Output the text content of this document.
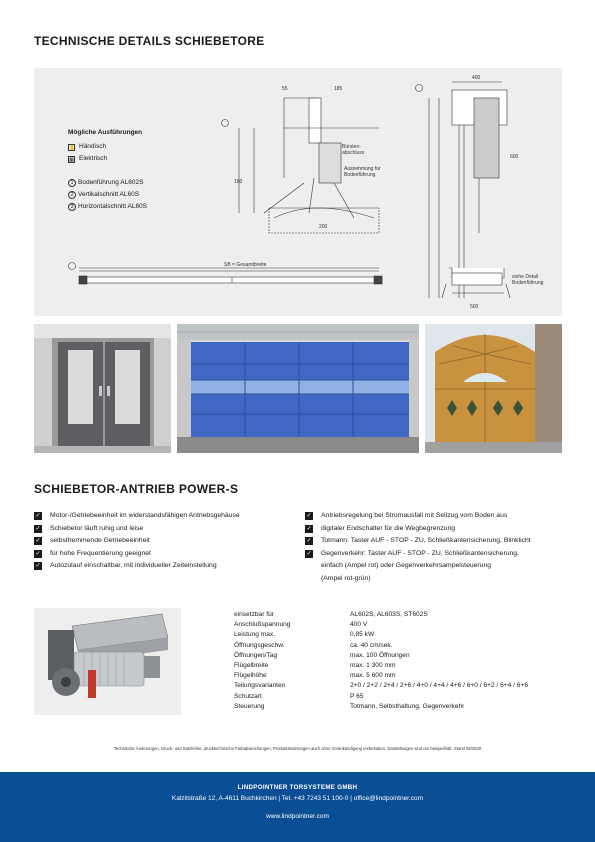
TECHNISCHE DETAILS SCHIEBETORE
55	185
200
160
400
600
500
SB = Gesamtbreite
Bürsten-
abschluss
Ausnehmung für
Bodenführung
siehe Detail
Bodenführung
Mögliche Ausführungen
✋ Händisch
▦ Elektrisch
1 Bodenführung AL602S
2 Vertikalschnitt AL60S
3 Horizontalschnitt AL60S
SCHIEBETOR-ANTRIEB POWER-S
✓ Motor-/Getriebeeinheit im widerstandsfähigen Antriebsgehäuse
✓ Schiebetor läuft ruhig und leise
✓ selbsthemmende Getriebeeinheit
✓ für hohe Frequentierung geeignet
✓ Autozulauf einschaltbar, mit individueller Zeiteinstellung
✓ Antriebsregelung bei Stromausfall mit Seilzug vom Boden aus
✓ digitaler Endschalter für die Wegbegrenzung
✓ Totmann: Taster AUF - STOP - ZU, Schließkantensicherung, Blinklicht
✓ Gegenverkehr: Taster AUF - STOP - ZU, Schließkantensicherung,
einfach (Ampel rot) oder Gegenverkehrsampelsteuerung
(Ampel rot-grün)
einsetzbar für	AL602S, AL603S, ST602S
Anschlußspannung	400 V
Leistung max.	0,85 kW
Öffnungsgeschw.	ca. 40 cm/sek.
Öffnungen/Tag	max. 100 Öffnungen
Flügelbreite	max. 1 300 mm
Flügelhöhe	max. 5 600 mm
Teilungsvarianten	2+0 / 2+2 / 2+4 / 2+6 / 4+0 / 4+4 / 4+6 / 6+0 / 6+2 / 6+4 / 6+6
Schutzart	P 65
Steuerung	Totmann, Selbsthaltung, Gegenverkehr
Technische Änderungen, Druck- und Satzfehler, drucktechnische Farbabweichungen, Produktänderungen auch ohne Vorankündigung vorbehalten. Darstellungen sind nur beispielhaft. Stand 05/2020
LINDPOINTNER TORSYSTEME GMBH
Kalzitstraße 12, A-4611 Buchkirchen | Tel. +43 7243 51 100-0 | office@lindpointner.com
www.lindpointner.com
